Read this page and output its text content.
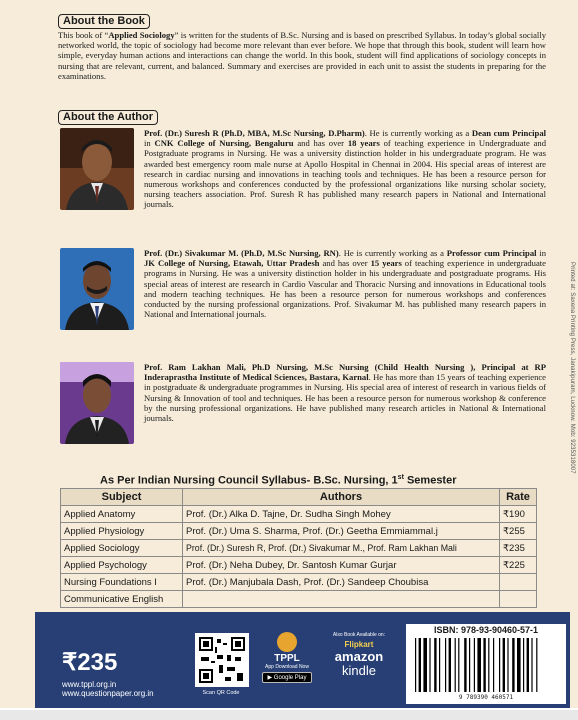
About the Book
This book of “Applied Sociology” is written for the students of B.Sc. Nursing and is based on prescribed Syllabus. In today’s global socially networked world, the topic of sociology had become more relevant than ever before. We hope that through this book, student will learn how simple, everyday human actions and interactions can change the world. In this book, student will find applications of sociology concepts in nursing that are relevant, current, and balanced. Summary and exercises are provided in each unit to assist the students in preparing for the examinations.
About the Author
Prof. (Dr.) Suresh R (Ph.D, MBA, M.Sc Nursing, D.Pharm). He is currently working as a Dean cum Principal in CNK College of Nursing, Bengaluru and has over 18 years of teaching experience in Undergraduate and Postgraduate programs in Nursing. He was a university distinction holder in his undergraduate program. He was awarded best emergency room male nurse at Apollo Hospital in Chennai in 2004. His special areas of interest are research in cardiac nursing and innovations in teaching tools and techniques. He has been a resource person for numerous workshops and conferences conducted by the professional organizations like nursing scholar society, nursing teachers association. Prof. Suresh R has published many research papers in National and International journals.
Prof. (Dr.) Sivakumar M. (Ph.D, M.Sc Nursing, RN). He is currently working as a Professor cum Principal in JK College of Nursing, Etawah, Uttar Pradesh and has over 15 years of teaching experience in undergraduate programs in Nursing. He was a university distinction holder in his undergraduate and postgraduate programs. His special areas of interest are research in Cardio Vascular and Thoracic Nursing and innovations in Educational tools and modern teaching techniques. He has been a resource person for numerous workshops and conferences conducted by the nursing professional organizations. Prof. Sivakumar M. has published many research papers in National and International journals.
Prof. Ram Lakhan Mali, Ph.D Nursing, M.Sc Nursing (Child Health Nursing ), Principal at RP Inderaprastha Institute of Medical Sciences, Bastara, Karnal. He has more than 15 years of teaching experience in postgraduate & undergraduate programmes in Nursing. His special area of interest of research in various fields of Nursing & Innovation of tool and techniques. He has been a resource person for numerous workshop & conference by the nursing professional organizations. He have published many research articles in National & International journals.	Printed at: Saxena Printing Press, Janakipuram, Lucknow. Mob: 9235318007
As Per Indian Nursing Council Syllabus- B.Sc. Nursing, 1st Semester
Subject	Authors	Rate
Applied Anatomy	Prof. (Dr.) Alka D. Tajne, Dr. Sudha Singh Mohey	₹190
Applied Physiology	Prof. (Dr.) Uma S. Sharma, Prof. (Dr.) Geetha Emmiammal.j	₹255
Applied Sociology	Prof. (Dr.) Suresh R, Prof. (Dr.) Sivakumar M., Prof. Ram Lakhan Mali	₹235
Applied Psychology	Prof. (Dr.) Neha Dubey, Dr. Santosh Kumar Gurjar	₹225
Nursing Foundations I	Prof. (Dr.) Manjubala Dash, Prof. (Dr.) Sandeep Choubisa	
Communicative English		
₹235
www.tppl.org.in
www.questionpaper.org.in	Scan QR Code
TPPL
App Download Now
▶ Google Play
Also Book Available on:
Flipkart
amazon
kindle
ISBN: 978-93-90460-57-1
9 789390 460571
